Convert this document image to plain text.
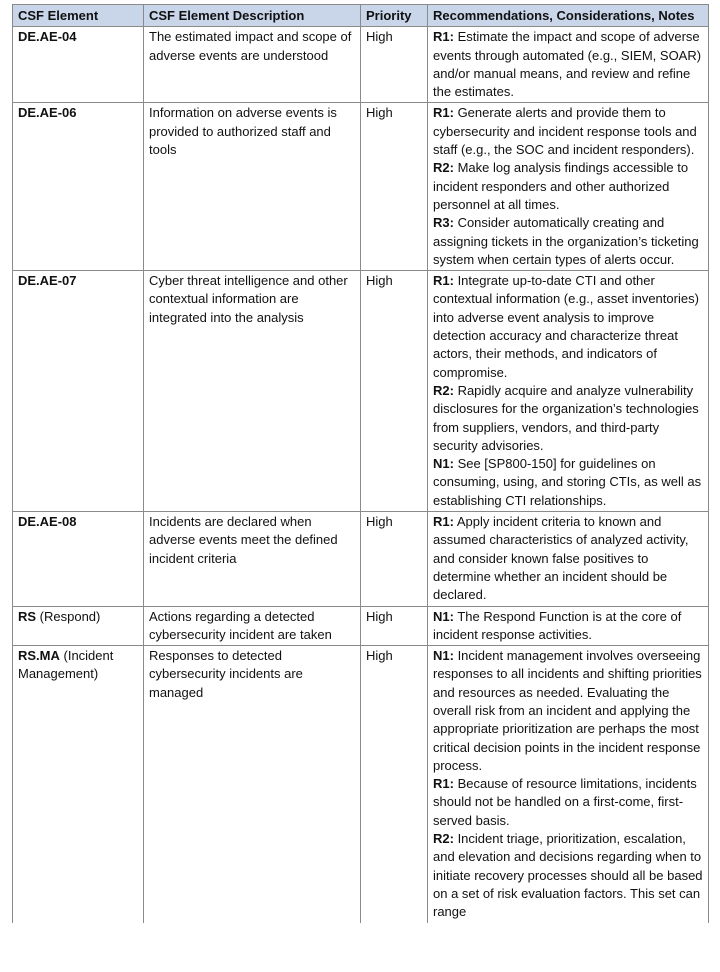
CSF Element	CSF Element Description	Priority	Recommendations, Considerations, Notes
DE.AE-04	The estimated impact and scope of adverse events are understood	High	R1: Estimate the impact and scope of adverse events through automated (e.g., SIEM, SOAR) and/or manual means, and review and refine the estimates.

DE.AE-06	Information on adverse events is provided to authorized staff and tools	High	R1: Generate alerts and provide them to cybersecurity and incident response tools and staff (e.g., the SOC and incident responders).

R2: Make log analysis findings accessible to incident responders and other authorized personnel at all times.

R3: Consider automatically creating and assigning tickets in the organization’s ticketing system when certain types of alerts occur.

DE.AE-07	Cyber threat intelligence and other contextual information are integrated into the analysis	High	R1: Integrate up-to-date CTI and other contextual information (e.g., asset inventories) into adverse event analysis to improve detection accuracy and characterize threat actors, their methods, and indicators of compromise.

R2: Rapidly acquire and analyze vulnerability disclosures for the organization’s technologies from suppliers, vendors, and third-party security advisories.

N1: See [SP800-150] for guidelines on consuming, using, and storing CTIs, as well as establishing CTI relationships.

DE.AE-08	Incidents are declared when adverse events meet the defined incident criteria	High	R1: Apply incident criteria to known and assumed characteristics of analyzed activity, and consider known false positives to determine whether an incident should be declared.

RS (Respond)	Actions regarding a detected cybersecurity incident are taken	High	N1: The Respond Function is at the core of incident response activities.

RS.MA (Incident Management)	Responses to detected cybersecurity incidents are managed	High	N1: Incident management involves overseeing responses to all incidents and shifting priorities and resources as needed. Evaluating the overall risk from an incident and applying the appropriate prioritization are perhaps the most critical decision points in the incident response process.

R1: Because of resource limitations, incidents should not be handled on a first-come, first-served basis.

R2: Incident triage, prioritization, escalation, and elevation and decisions regarding when to initiate recovery processes should all be based on a set of risk evaluation factors. This set can range
